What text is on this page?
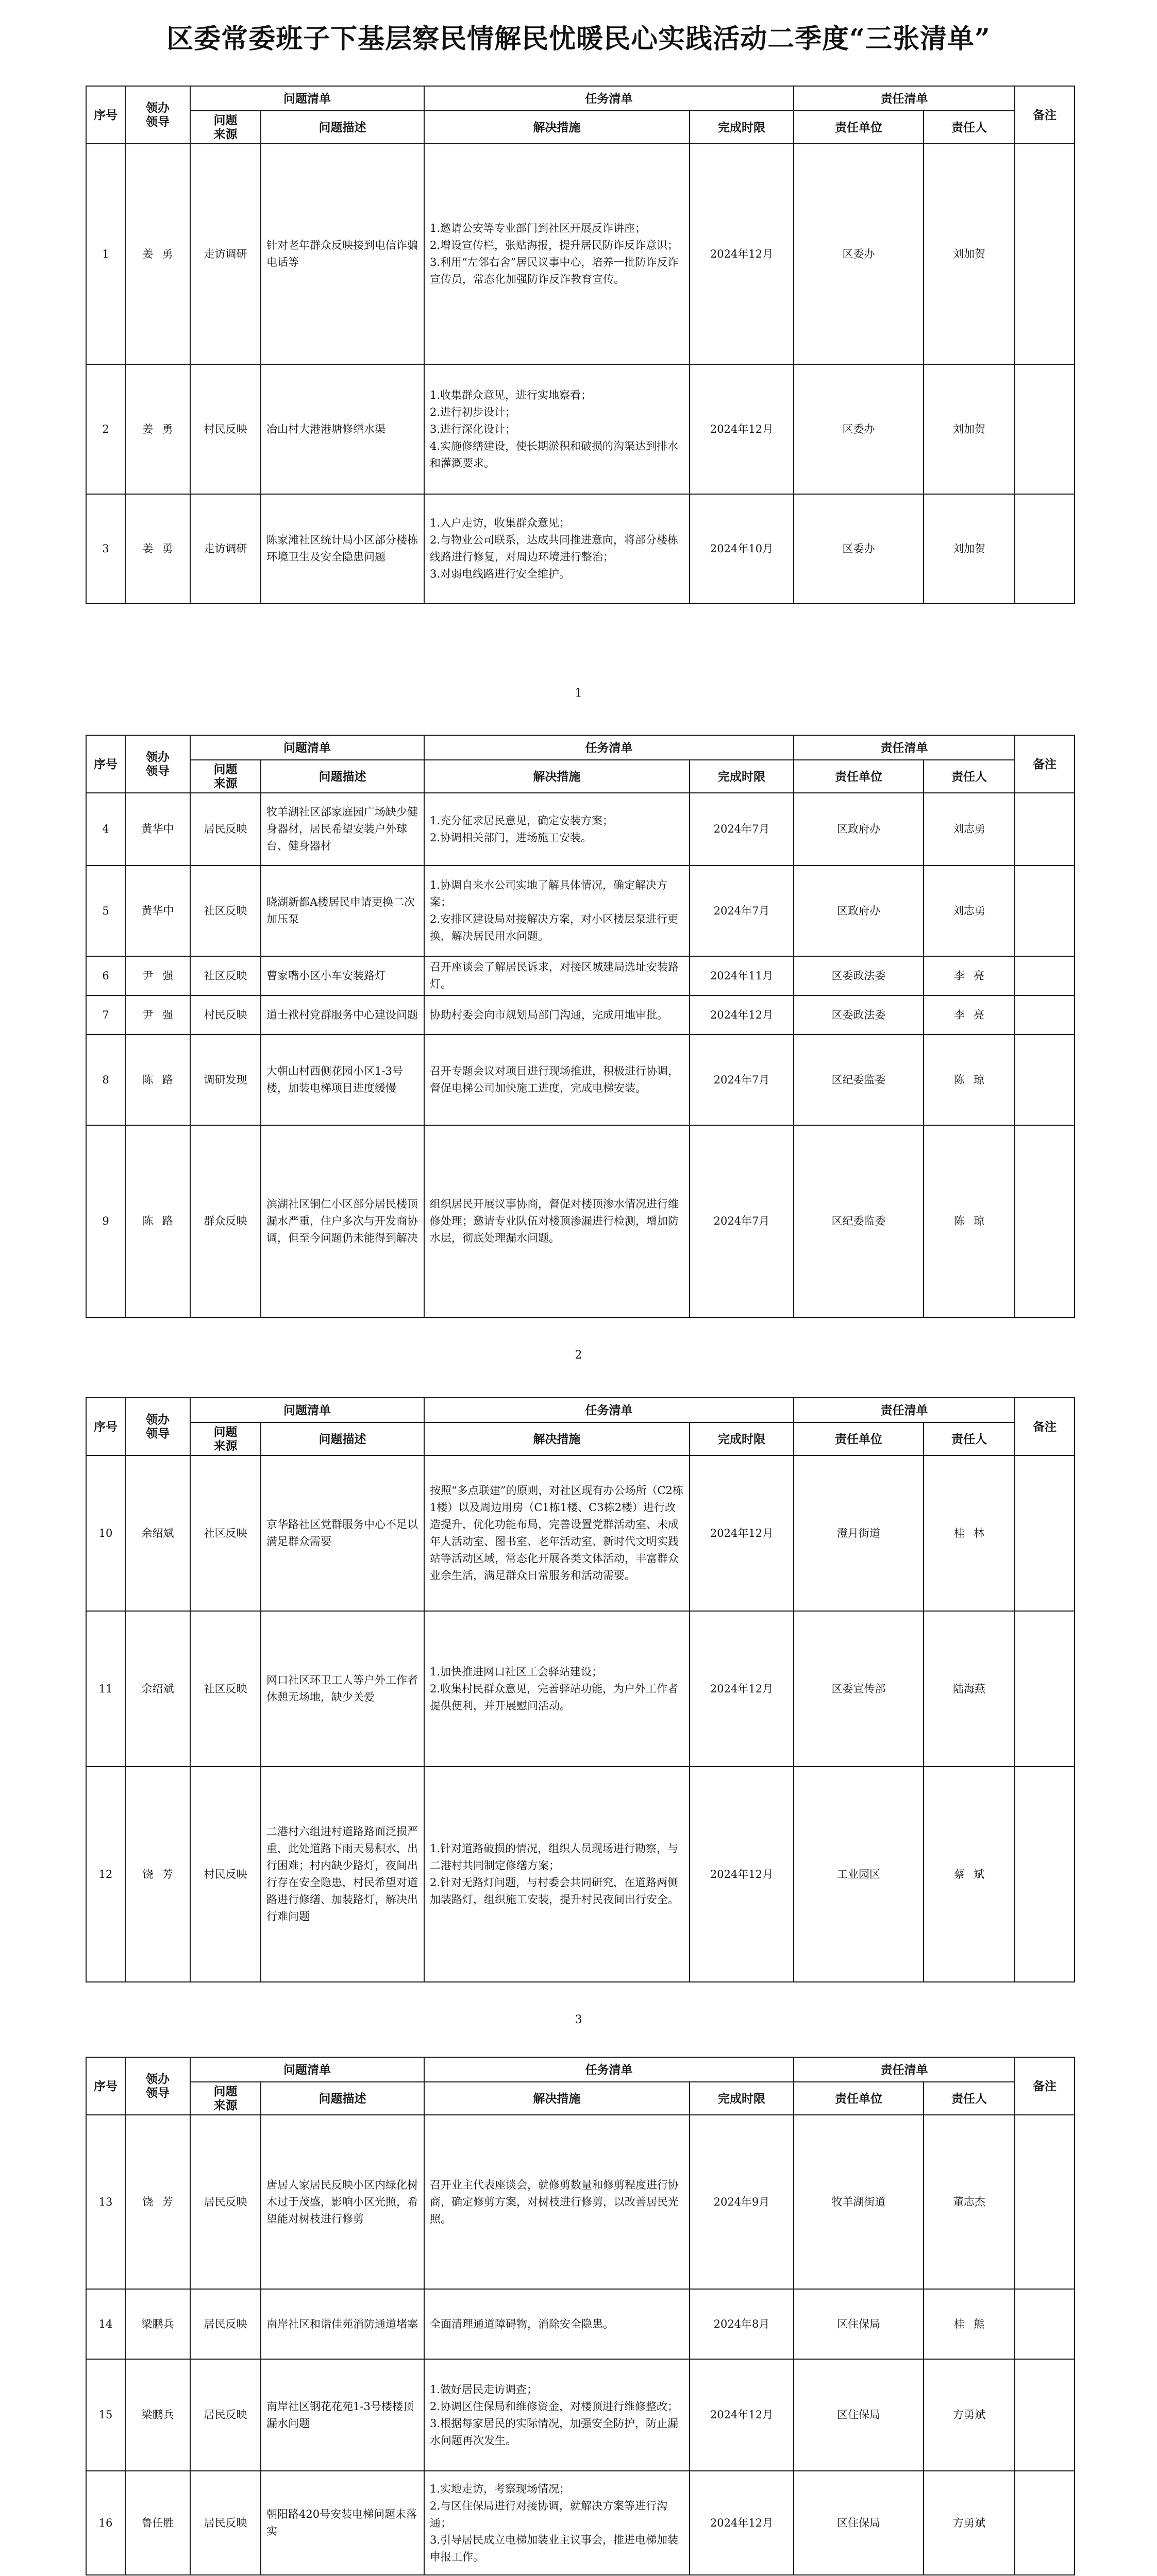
区委常委班子下基层察民情解民忧暖民心实践活动二季度“三张清单”
序号	领办领导	问题清单		任务清单		责任清单		备注
		问题来源	问题描述	解决措施	完成时限	责任单位	责任人	
1	姜 勇	走访调研	针对老年群众反映接到电信诈骗电话等	1.邀请公安等专业部门到社区开展反诈讲座；
2.增设宣传栏，张贴海报，提升居民防诈反诈意识；
3.利用“左邻右舍”居民议事中心，培养一批防诈反诈宣传员，常态化加强防诈反诈教育宣传。	2024年12月	区委办	刘加贺	
2	姜 勇	村民反映	冶山村大港港塘修缮水渠	1.收集群众意见，进行实地察看；
2.进行初步设计；
3.进行深化设计；
4.实施修缮建设，使长期淤积和破损的沟渠达到排水和灌溉要求。	2024年12月	区委办	刘加贺	
3	姜 勇	走访调研	陈家滩社区统计局小区部分楼栋环境卫生及安全隐患问题	1.入户走访，收集群众意见；
2.与物业公司联系，达成共同推进意向，将部分楼栋线路进行修复，对周边环境进行整治；
3.对弱电线路进行安全维护。	2024年10月	区委办	刘加贺	
1
序号	领办领导	问题清单		任务清单		责任清单		备注
		问题来源	问题描述	解决措施	完成时限	责任单位	责任人	
4	黄华中	居民反映	牧羊湖社区部家庭园广场缺少健身器材，居民希望安装户外球台、健身器材	1.充分征求居民意见，确定安装方案；
2.协调相关部门，进场施工安装。	2024年7月	区政府办	刘志勇	
5	黄华中	社区反映	晓湖新都A楼居民申请更换二次加压泵	1.协调自来水公司实地了解具体情况，确定解决方案；
2.安排区建设局对接解决方案，对小区楼层泵进行更换，解决居民用水问题。	2024年7月	区政府办	刘志勇	
6	尹 强	社区反映	曹家嘴小区小车安装路灯	召开座谈会了解居民诉求，对接区城建局选址安装路灯。	2024年11月	区委政法委	李 亮	
7	尹 强	村民反映	道士袱村党群服务中心建设问题	协助村委会向市规划局部门沟通，完成用地审批。	2024年12月	区委政法委	李 亮	
8	陈 路	调研发现	大朝山村西侧花园小区1-3号楼，加装电梯项目进度缓慢	召开专题会议对项目进行现场推进，积极进行协调，督促电梯公司加快施工进度，完成电梯安装。	2024年7月	区纪委监委	陈 琼	
9	陈 路	群众反映	滨湖社区铜仁小区部分居民楼顶漏水严重，住户多次与开发商协调，但至今问题仍未能得到解决	组织居民开展议事协商，督促对楼顶渗水情况进行维修处理；邀请专业队伍对楼顶渗漏进行检测，增加防水层，彻底处理漏水问题。	2024年7月	区纪委监委	陈 琼	
2
序号	领办领导	问题清单		任务清单		责任清单		备注
		问题来源	问题描述	解决措施	完成时限	责任单位	责任人	
10	余绍斌	社区反映	京华路社区党群服务中心不足以满足群众需要	按照“多点联建”的原则，对社区现有办公场所（C2栋1楼）以及周边用房（C1栋1楼、C3栋2楼）进行改造提升，优化功能布局，完善设置党群活动室、未成年人活动室、图书室、老年活动室、新时代文明实践站等活动区域，常态化开展各类文体活动，丰富群众业余生活，满足群众日常服务和活动需要。	2024年12月	澄月街道	桂 林	
11	余绍斌	社区反映	网口社区环卫工人等户外工作者休憩无场地，缺少关爱	1.加快推进网口社区工会驿站建设；
2.收集村民群众意见，完善驿站功能，为户外工作者提供便利，并开展慰问活动。	2024年12月	区委宣传部	陆海燕	
12	饶 芳	村民反映	二港村六组进村道路路面泛损严重，此处道路下雨天易积水，出行困难；村内缺少路灯，夜间出行存在安全隐患，村民希望对道路进行修缮、加装路灯，解决出行难问题	1.针对道路破损的情况，组织人员现场进行勘察，与二港村共同制定修缮方案；
2.针对无路灯问题，与村委会共同研究，在道路两侧加装路灯，组织施工安装，提升村民夜间出行安全。	2024年12月	工业园区	蔡 斌	
3
序号	领办领导	问题清单		任务清单		责任清单		备注
		问题来源	问题描述	解决措施	完成时限	责任单位	责任人	
13	饶 芳	居民反映	唐居人家居民反映小区内绿化树木过于茂盛，影响小区光照，希望能对树枝进行修剪	召开业主代表座谈会，就修剪数量和修剪程度进行协商，确定修剪方案，对树枝进行修剪，以改善居民光照。	2024年9月	牧羊湖街道	董志杰	
14	梁鹏兵	居民反映	南岸社区和谐佳苑消防通道堵塞	全面清理通道障碍物，消除安全隐患。	2024年8月	区住保局	桂 熊	
15	梁鹏兵	居民反映	南岸社区钢花花苑1-3号楼楼顶漏水问题	1.做好居民走访调查；
2.协调区住保局和维修资金，对楼顶进行维修整改；
3.根据每家居民的实际情况，加强安全防护，防止漏水问题再次发生。	2024年12月	区住保局	方勇斌	
16	鲁任胜	居民反映	朝阳路420号安装电梯问题未落实	1.实地走访，考察现场情况；
2.与区住保局进行对接协调，就解决方案等进行沟通；
3.引导居民成立电梯加装业主议事会，推进电梯加装申报工作。	2024年12月	区住保局	方勇斌	
